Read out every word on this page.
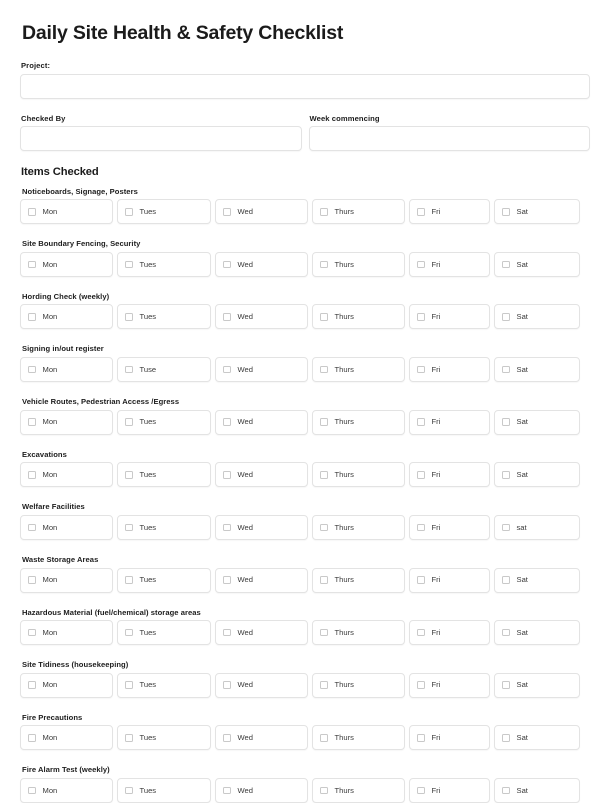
Daily Site Health & Safety Checklist
Project:
Checked By	Week commencing
Items Checked
Noticeboards, Signage, Posters
Mon	Tues	Wed	Thurs	Fri	Sat
Site Boundary Fencing, Security
Mon	Tues	Wed	Thurs	Fri	Sat
Hording Check (weekly)
Mon	Tues	Wed	Thurs	Fri	Sat
Signing in/out register
Mon	Tuse	Wed	Thurs	Fri	Sat
Vehicle Routes, Pedestrian Access /Egress
Mon	Tues	Wed	Thurs	Fri	Sat
Excavations
Mon	Tues	Wed	Thurs	Fri	Sat
Welfare Facilities
Mon	Tues	Wed	Thurs	Fri	sat
Waste Storage Areas
Mon	Tues	Wed	Thurs	Fri	Sat
Hazardous Material (fuel/chemical) storage areas
Mon	Tues	Wed	Thurs	Fri	Sat
Site Tidiness (housekeeping)
Mon	Tues	Wed	Thurs	Fri	Sat
Fire Precautions
Mon	Tues	Wed	Thurs	Fri	Sat
Fire Alarm Test (weekly)
Mon	Tues	Wed	Thurs	Fri	Sat
